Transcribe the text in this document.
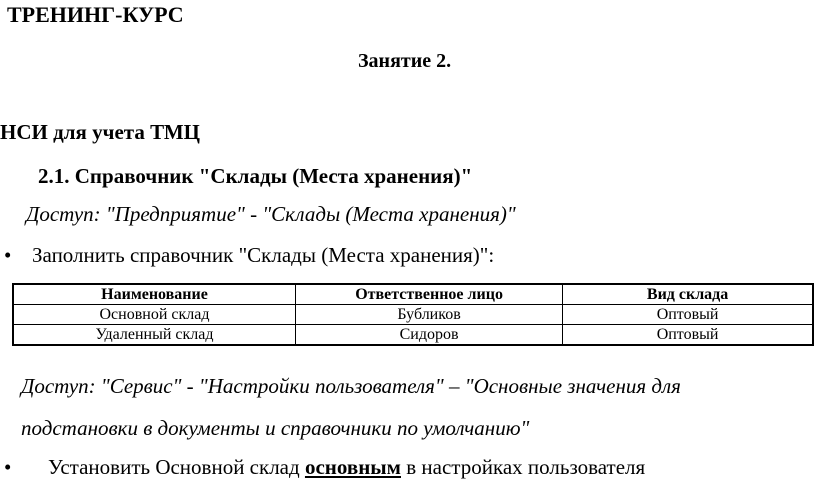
ТРЕНИНГ-КУРС
Занятие 2.
НСИ для учета ТМЦ
2.1. Справочник "Склады (Места хранения)"
Доступ: "Предприятие" - "Склады (Места хранения)"
• Заполнить справочник "Склады (Места хранения)":
Наименование	Ответственное лицо	Вид склада
Основной склад	Бубликов	Оптовый
Удаленный склад	Сидоров	Оптовый
Доступ: "Сервис" - "Настройки пользователя" – "Основные значения для
подстановки в документы и справочники по умолчанию"
• Установить Основной склад основным в настройках пользователя
